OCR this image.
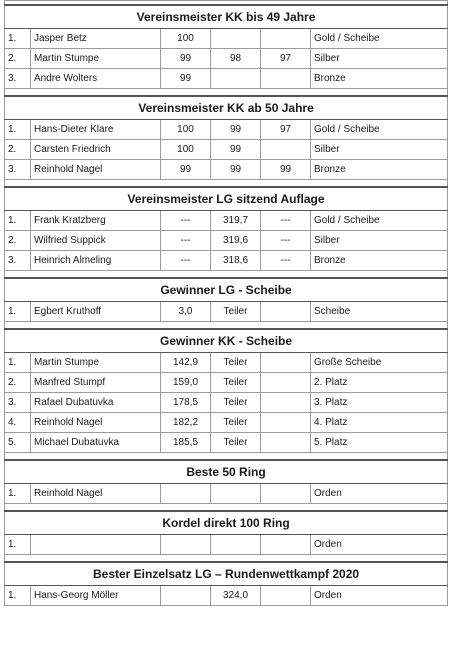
Vereinsmeister KK bis 49 Jahre					
1.	Jasper Betz	100			Gold / Scheibe
2.	Martin Stumpe	99	98	97	Silber
3.	Andre Wolters	99			Bronze

Vereinsmeister KK ab 50 Jahre					
1.	Hans-Dieter Klare	100	99	97	Gold / Scheibe
2.	Carsten Friedrich	100	99		Silber
3.	Reinhold Nagel	99	99	99	Bronze

Vereinsmeister LG sitzend Auflage					
1.	Frank Kratzberg	---	319,7	---	Gold / Scheibe
2.	Wilfried Suppick	---	319,6	---	Silber
3.	Heinrich Almeling	---	318,6	---	Bronze

Gewinner LG - Scheibe					
1.	Egbert Kruthoff	3,0	Teiler		Scheibe

Gewinner KK - Scheibe					
1.	Martin Stumpe	142,9	Teiler		Große Scheibe
2.	Manfred Stumpf	159,0	Teiler		2. Platz
3.	Rafael Dubatuvka	178,5	Teiler		3. Platz
4.	Reinhold Nagel	182,2	Teiler		4. Platz
5.	Michael Dubatuvka	185,5	Teiler		5. Platz

Beste 50 Ring					
1.	Reinhold Nagel				Orden

Kordel direkt 100 Ring					
1.					Orden

Bester Einzelsatz LG – Rundenwettkampf 2020					
1.	Hans-Georg Möller		324,0		Orden
